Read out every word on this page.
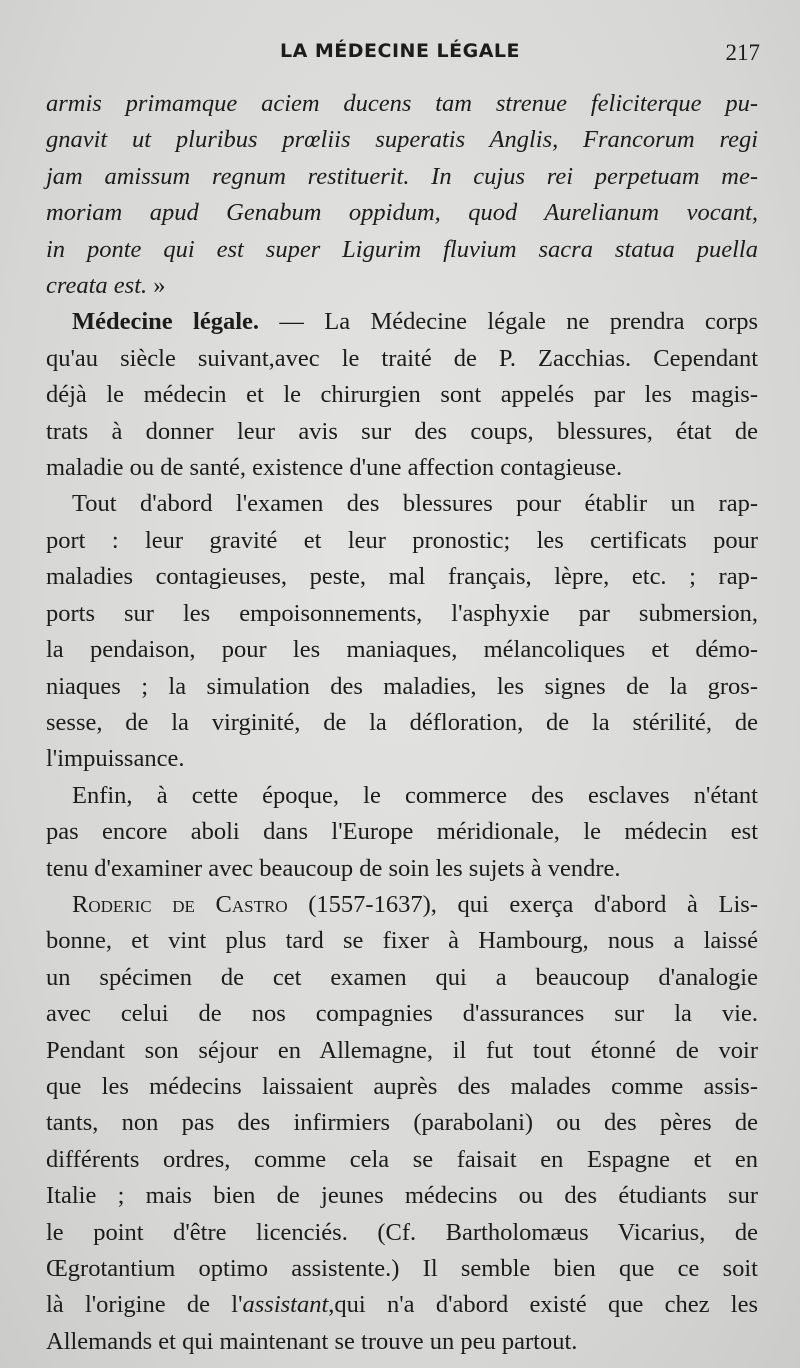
LA MÉDECINE LÉGALE	217

armis primamque aciem ducens tam strenue feliciterque pu-

gnavit ut pluribus prœliis superatis Anglis, Francorum regi

jam amissum regnum restituerit. In cujus rei perpetuam me-

moriam apud Genabum oppidum, quod Aurelianum vocant,

in ponte qui est super Ligurim fluvium sacra statua puella

creata est. »

Médecine légale. — La Médecine légale ne prendra corps

qu'au siècle suivant,avec le traité de P. Zacchias. Cependant

déjà le médecin et le chirurgien sont appelés par les magis-

trats à donner leur avis sur des coups, blessures, état de

maladie ou de santé, existence d'une affection contagieuse.

Tout d'abord l'examen des blessures pour établir un rap-

port : leur gravité et leur pronostic; les certificats pour

maladies contagieuses, peste, mal français, lèpre, etc. ; rap-

ports sur les empoisonnements, l'asphyxie par submersion,

la pendaison, pour les maniaques, mélancoliques et démo-

niaques ; la simulation des maladies, les signes de la gros-

sesse, de la virginité, de la défloration, de la stérilité, de

l'impuissance.

Enfin, à cette époque, le commerce des esclaves n'étant

pas encore aboli dans l'Europe méridionale, le médecin est

tenu d'examiner avec beaucoup de soin les sujets à vendre.

Roderic de Castro (1557-1637), qui exerça d'abord à Lis-

bonne, et vint plus tard se fixer à Hambourg, nous a laissé

un spécimen de cet examen qui a beaucoup d'analogie

avec celui de nos compagnies d'assurances sur la vie.

Pendant son séjour en Allemagne, il fut tout étonné de voir

que les médecins laissaient auprès des malades comme assis-

tants, non pas des infirmiers (parabolani) ou des pères de

différents ordres, comme cela se faisait en Espagne et en

Italie ; mais bien de jeunes médecins ou des étudiants sur

le point d'être licenciés. (Cf. Bartholomæus Vicarius, de

Œgrotantium optimo assistente.) Il semble bien que ce soit

là l'origine de l'assistant,qui n'a d'abord existé que chez les

Allemands et qui maintenant se trouve un peu partout.
